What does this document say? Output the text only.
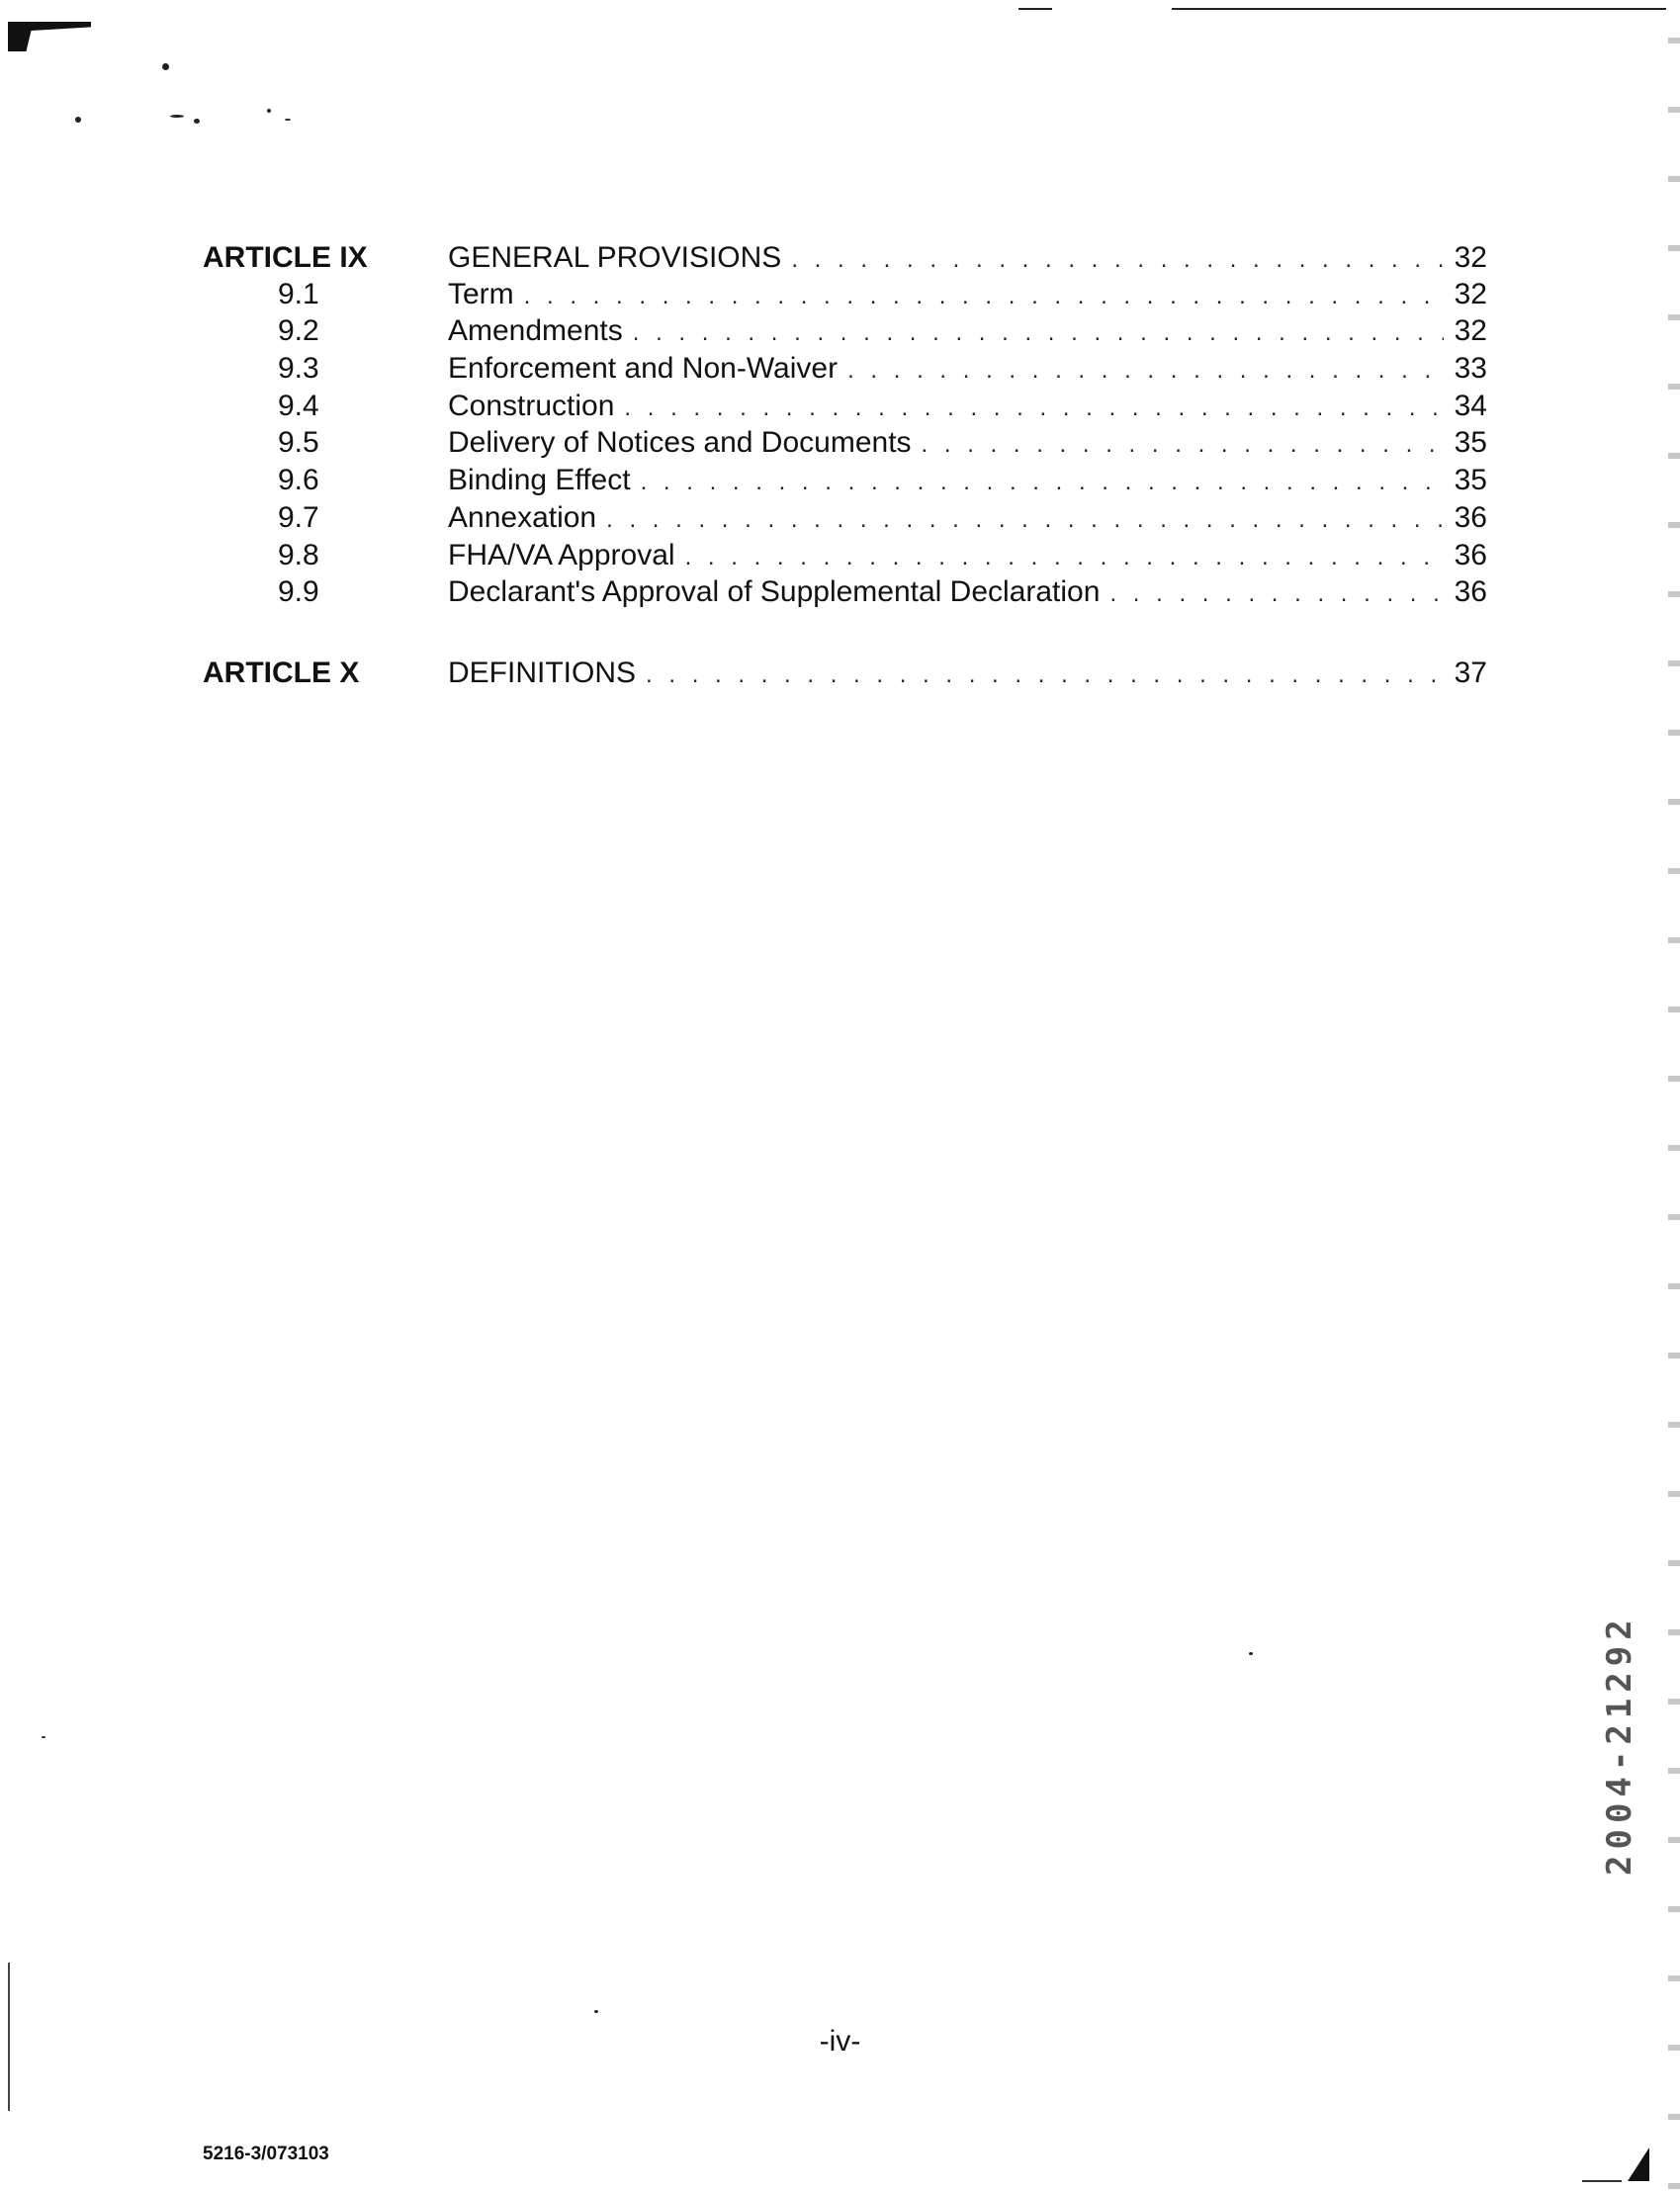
ARTICLE IX	GENERAL PROVISIONS . . .	32
9.1	Term . . .	32
9.2	Amendments . . .	32
9.3	Enforcement and Non-Waiver . . .	33
9.4	Construction . . .	34
9.5	Delivery of Notices and Documents . . .	35
9.6	Binding Effect . . .	35
9.7	Annexation . . .	36
9.8	FHA/VA Approval . . .	36
9.9	Declarant's Approval of Supplemental Declaration . . .	36
ARTICLE X	DEFINITIONS . . .	37
-iv-
5216-3/073103
2004-21292
